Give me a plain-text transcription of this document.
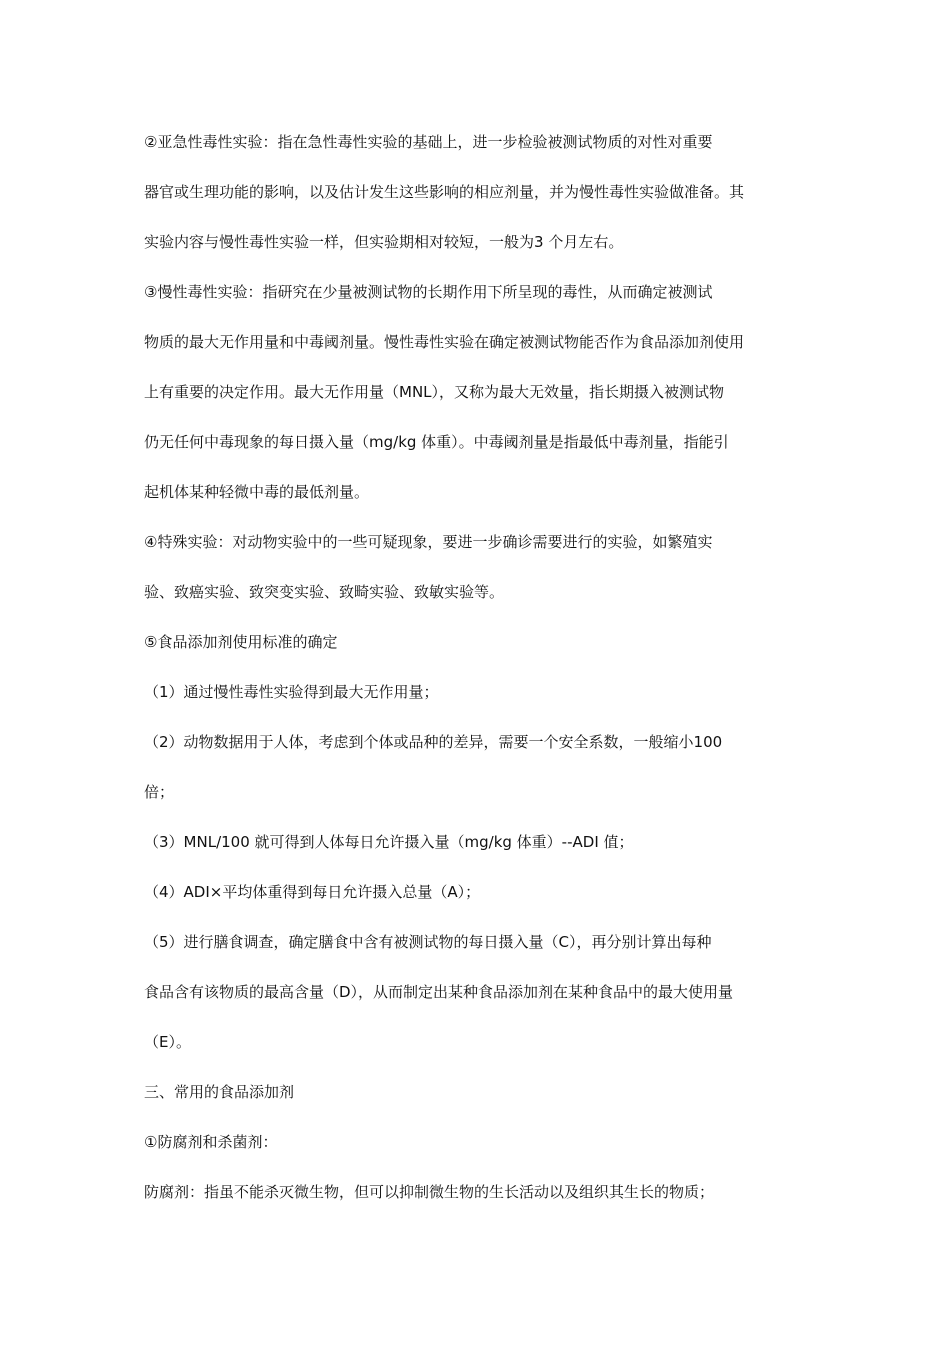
②亚急性毒性实验：指在急性毒性实验的基础上，进一步检验被测试物质的对性对重要
器官或生理功能的影响，以及估计发生这些影响的相应剂量，并为慢性毒性实验做准备。其
实验内容与慢性毒性实验一样，但实验期相对较短，一般为3 个月左右。
③慢性毒性实验：指研究在少量被测试物的长期作用下所呈现的毒性，从而确定被测试
物质的最大无作用量和中毒阈剂量。慢性毒性实验在确定被测试物能否作为食品添加剂使用
上有重要的决定作用。最大无作用量（MNL），又称为最大无效量，指长期摄入被测试物
仍无任何中毒现象的每日摄入量（mg/kg 体重）。中毒阈剂量是指最低中毒剂量，指能引
起机体某种轻微中毒的最低剂量。
④特殊实验：对动物实验中的一些可疑现象，要进一步确诊需要进行的实验，如繁殖实
验、致癌实验、致突变实验、致畸实验、致敏实验等。
⑤食品添加剂使用标准的确定
（1）通过慢性毒性实验得到最大无作用量；
（2）动物数据用于人体，考虑到个体或品种的差异，需要一个安全系数，一般缩小100
倍；
（3）MNL/100 就可得到人体每日允许摄入量（mg/kg 体重）--ADI 值；
（4）ADI×平均体重得到每日允许摄入总量（A）；
（5）进行膳食调查，确定膳食中含有被测试物的每日摄入量（C），再分别计算出每种
食品含有该物质的最高含量（D），从而制定出某种食品添加剂在某种食品中的最大使用量
（E）。
三、常用的食品添加剂
①防腐剂和杀菌剂：
防腐剂：指虽不能杀灭微生物，但可以抑制微生物的生长活动以及组织其生长的物质；
